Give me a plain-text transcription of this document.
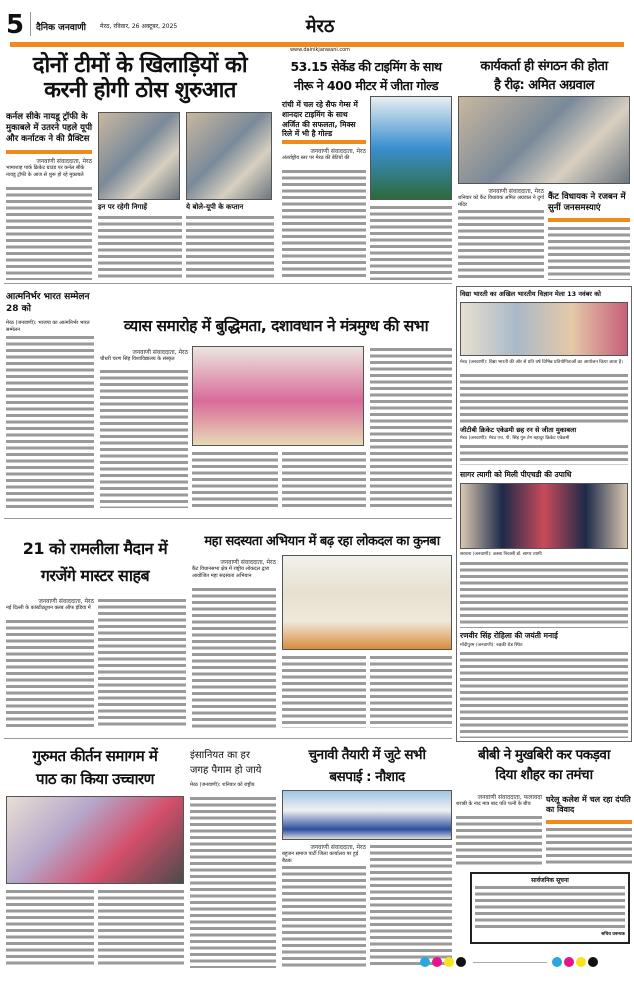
5 दैनिक जनवाणी मेरठ, रविवार, 26 अक्टूबर, 2025	मेरठ
www.dainikjanwani.com
दोनों टीमों के खिलाड़ियों को
करनी होगी ठोस शुरुआत
कर्नल सीके नायडू ट्रॉफी के मुकाबले में उतरने पहले यूपी और कर्नाटक ने की प्रैक्टिस
जनवाणी संवाददाता, मेरठ
भामाशाह पार्क क्रिकेट ग्राउंड पर कर्नल सीके नायडू ट्रॉफी के आज से शुरू हो रहे मुकाबले
इन पर रहेगी निगाहें	ये बोले-यूपी के कप्तान
53.15 सेकेंड की टाइमिंग के साथ
नीरू ने 400 मीटर में जीता गोल्ड
रांची में चल रहे सैफ गेम्स में शानदार टाइमिंग के साथ अर्जित की सफलता, मिक्स रिले में भी है गोल्ड
जनवाणी संवाददाता, मेरठ
अंतर्राष्ट्रीय स्तर पर मेरठ की बेटियों की
कार्यकर्ता ही संगठन की होता
है रीढ़: अमित अग्रवाल
जनवाणी संवाददाता, मेरठ
शनिवार को कैंट विधायक अमित अग्रवाल ने दुर्गा मंदिर
कैंट विधायक ने रजबन में सुनीं जनसमस्याएं
आत्मनिर्भर भारत सम्मेलन 28 को
मेरठ (जनवाणी): भाजपा का आत्मनिर्भर भारत सम्मेलन	व्यास समारोह में बुद्धिमता, दशावधान ने मंत्रमुग्ध की सभा
जनवाणी संवाददाता, मेरठ
चौधरी चरण सिंह विश्वविद्यालय के संस्कृत
विद्या भारती का अखिल भारतीय विज्ञान मेला 13 नवंबर को
मेरठ (जनवाणी): विद्या भारती की ओर से प्रति वर्ष विभिन्न प्रतियोगिताओं का आयोजन किया जाता है।
जीटीबी क्रिकेट एकेडमी छह रन से जीता मुकाबला
मेरठ (जनवाणी): मेरठ एच. पी. सिंह गुरु तेग बहादुर क्रिकेट एकेडमी
सागर त्यागी को मिली पीएचडी की उपाधि
सरधना (जनवाणी): कस्बा निवासी डॉ. सागर त्यागी
रणवीर सिंह रोहिला की जयंती मनाई
मोदीपुरम (जनवाणी): रुड़की रोड स्थित
21 को रामलीला मैदान में
गरजेंगे मास्टर साहब
जनवाणी संवाददाता, मेरठ
नई दिल्ली के कांस्टीट्यूशन क्लब ऑफ इंडिया में
महा सदस्यता अभियान में बढ़ रहा लोकदल का कुनबा
जनवाणी संवाददाता, मेरठ
कैंट विधानसभा क्षेत्र में राष्ट्रीय लोकदल द्वारा आयोजित महा सदस्यता अभियान
गुरुमत कीर्तन समागम में
पाठ का किया उच्चारण
इंसानियत का हर
जगह पैगाम हो जाये
मेरठ (जनवाणी): शनिवार को राष्ट्रीय
चुनावी तैयारी में जुटे सभी
बसपाई : नौशाद
जनवाणी संवाददाता, मेरठ
बहुजन समाज पार्टी जिला कार्यालय पर हुई बैठक
बीबी ने मुखबिरी कर पकड़वा
दिया शौहर का तमंचा
जनवाणी संवाददाता, फलावदा
शराबी के नाद मात्र बाद पति पत्नी के बीच	घरेलू कलेश में चल रहा दंपति का विवाद
सार्वजनिक सूचना
सचिव प्रबन्धक
